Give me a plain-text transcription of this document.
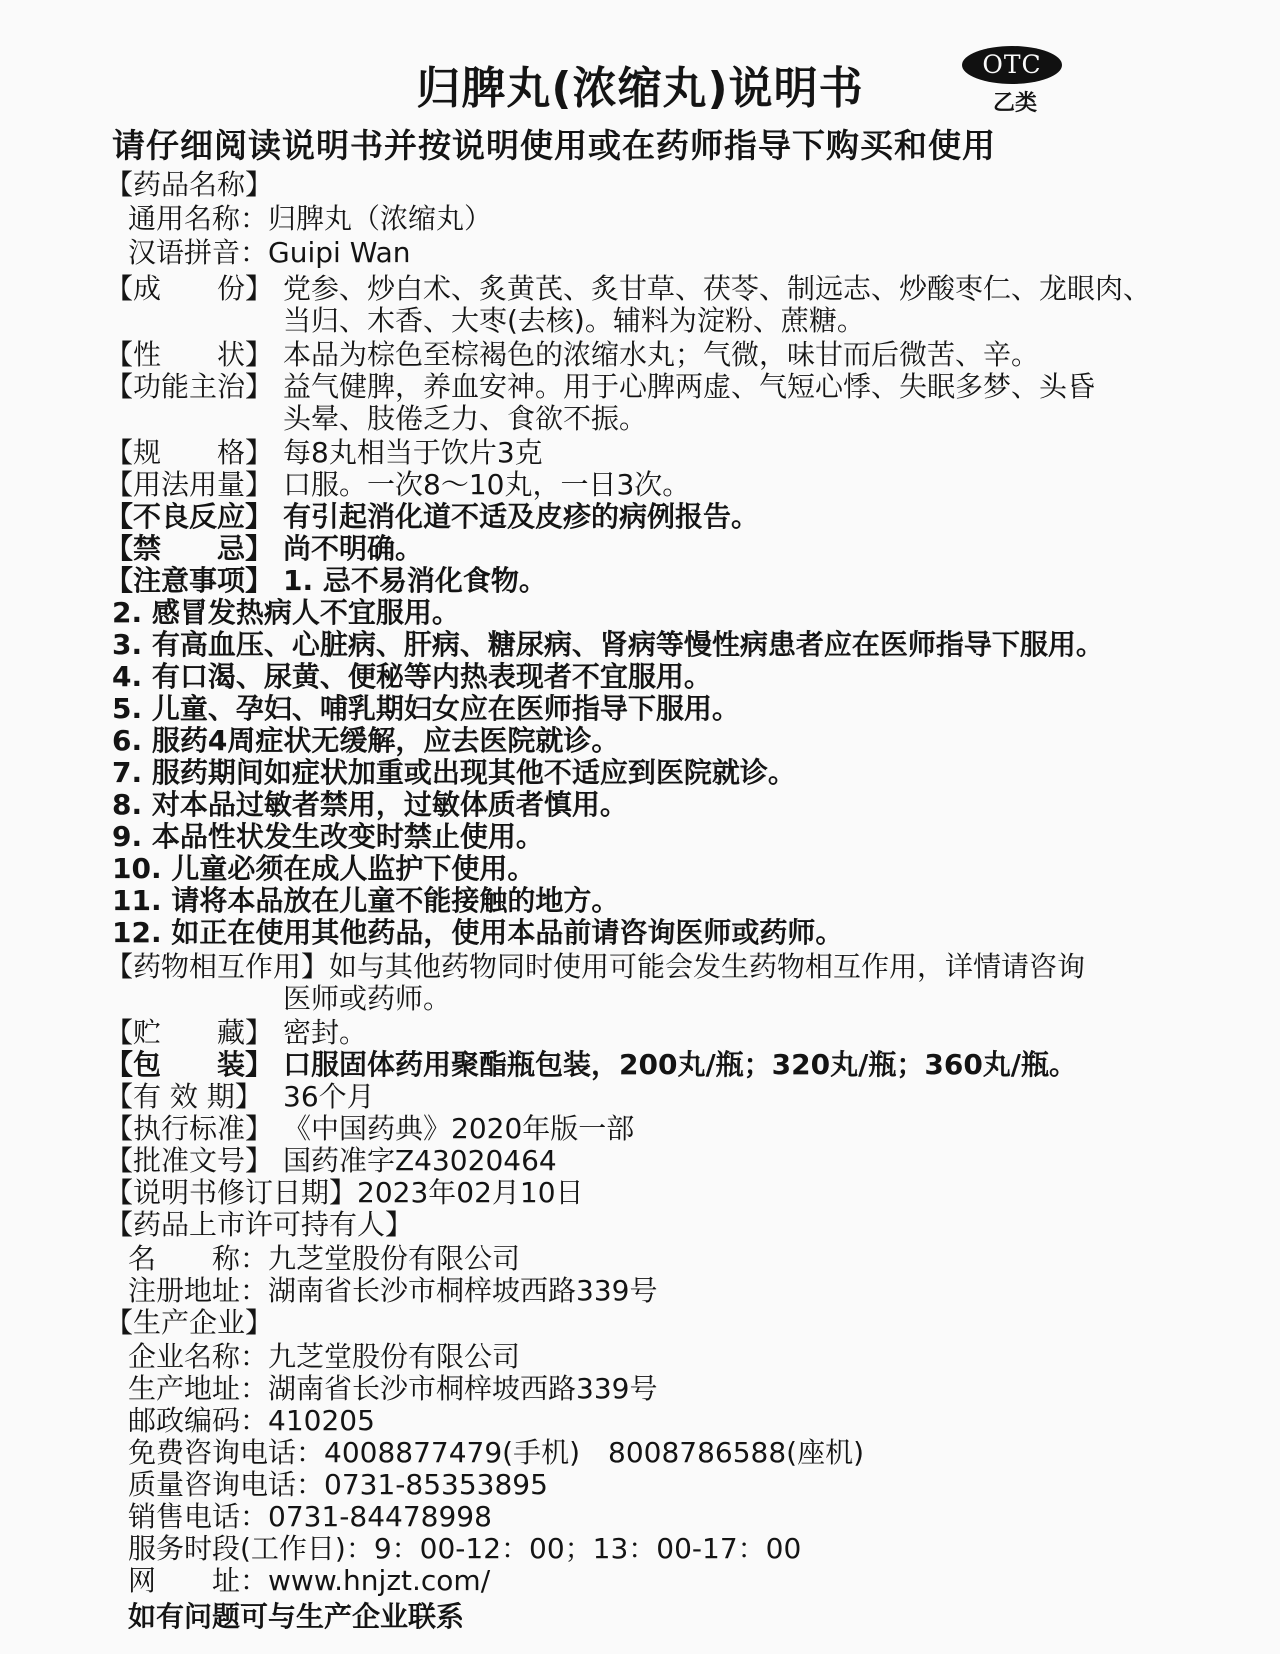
归脾丸(浓缩丸)说明书	OTC
乙类
请仔细阅读说明书并按说明使用或在药师指导下购买和使用
【药品名称】
通用名称：归脾丸（浓缩丸）
汉语拼音：Guipi Wan
【成　　份】 党参、炒白术、炙黄芪、炙甘草、茯苓、制远志、炒酸枣仁、龙眼肉、
当归、木香、大枣(去核)。辅料为淀粉、蔗糖。
【性　　状】 本品为棕色至棕褐色的浓缩水丸；气微，味甘而后微苦、辛。
【功能主治】 益气健脾，养血安神。用于心脾两虚、气短心悸、失眠多梦、头昏
头晕、肢倦乏力、食欲不振。
【规　　格】 每8丸相当于饮片3克
【用法用量】 口服。一次8～10丸，一日3次。
【不良反应】 有引起消化道不适及皮疹的病例报告。
【禁　　忌】 尚不明确。
【注意事项】 1. 忌不易消化食物。
2. 感冒发热病人不宜服用。
3. 有高血压、心脏病、肝病、糖尿病、肾病等慢性病患者应在医师指导下服用。
4. 有口渴、尿黄、便秘等内热表现者不宜服用。
5. 儿童、孕妇、哺乳期妇女应在医师指导下服用。
6. 服药4周症状无缓解，应去医院就诊。
7. 服药期间如症状加重或出现其他不适应到医院就诊。
8. 对本品过敏者禁用，过敏体质者慎用。
9. 本品性状发生改变时禁止使用。
10. 儿童必须在成人监护下使用。
11. 请将本品放在儿童不能接触的地方。
12. 如正在使用其他药品，使用本品前请咨询医师或药师。
【药物相互作用】如与其他药物同时使用可能会发生药物相互作用，详情请咨询
医师或药师。
【贮　　藏】 密封。
【包　　装】 口服固体药用聚酯瓶包装，200丸/瓶；320丸/瓶；360丸/瓶。
【有 效 期】 36个月
【执行标准】 《中国药典》2020年版一部
【批准文号】 国药准字Z43020464
【说明书修订日期】2023年02月10日
【药品上市许可持有人】
名　　称：九芝堂股份有限公司
注册地址：湖南省长沙市桐梓坡西路339号
【生产企业】
企业名称：九芝堂股份有限公司
生产地址：湖南省长沙市桐梓坡西路339号
邮政编码：410205
免费咨询电话：4008877479(手机)　8008786588(座机)
质量咨询电话：0731-85353895
销售电话：0731-84478998
服务时段(工作日)：9：00-12：00；13：00-17：00
网　　址：www.hnjzt.com/
如有问题可与生产企业联系
